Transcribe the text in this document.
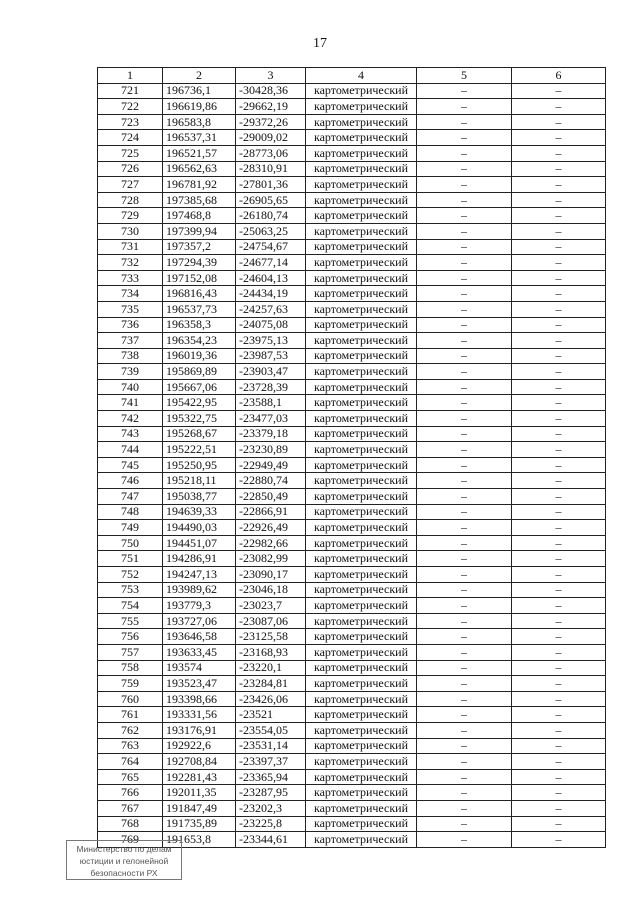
17
1	2	3	4	5	6
721	196736,1	-30428,36	картометрический	–	–
722	196619,86	-29662,19	картометрический	–	–
723	196583,8	-29372,26	картометрический	–	–
724	196537,31	-29009,02	картометрический	–	–
725	196521,57	-28773,06	картометрический	–	–
726	196562,63	-28310,91	картометрический	–	–
727	196781,92	-27801,36	картометрический	–	–
728	197385,68	-26905,65	картометрический	–	–
729	197468,8	-26180,74	картометрический	–	–
730	197399,94	-25063,25	картометрический	–	–
731	197357,2	-24754,67	картометрический	–	–
732	197294,39	-24677,14	картометрический	–	–
733	197152,08	-24604,13	картометрический	–	–
734	196816,43	-24434,19	картометрический	–	–
735	196537,73	-24257,63	картометрический	–	–
736	196358,3	-24075,08	картометрический	–	–
737	196354,23	-23975,13	картометрический	–	–
738	196019,36	-23987,53	картометрический	–	–
739	195869,89	-23903,47	картометрический	–	–
740	195667,06	-23728,39	картометрический	–	–
741	195422,95	-23588,1	картометрический	–	–
742	195322,75	-23477,03	картометрический	–	–
743	195268,67	-23379,18	картометрический	–	–
744	195222,51	-23230,89	картометрический	–	–
745	195250,95	-22949,49	картометрический	–	–
746	195218,11	-22880,74	картометрический	–	–
747	195038,77	-22850,49	картометрический	–	–
748	194639,33	-22866,91	картометрический	–	–
749	194490,03	-22926,49	картометрический	–	–
750	194451,07	-22982,66	картометрический	–	–
751	194286,91	-23082,99	картометрический	–	–
752	194247,13	-23090,17	картометрический	–	–
753	193989,62	-23046,18	картометрический	–	–
754	193779,3	-23023,7	картометрический	–	–
755	193727,06	-23087,06	картометрический	–	–
756	193646,58	-23125,58	картометрический	–	–
757	193633,45	-23168,93	картометрический	–	–
758	193574	-23220,1	картометрический	–	–
759	193523,47	-23284,81	картометрический	–	–
760	193398,66	-23426,06	картометрический	–	–
761	193331,56	-23521	картометрический	–	–
762	193176,91	-23554,05	картометрический	–	–
763	192922,6	-23531,14	картометрический	–	–
764	192708,84	-23397,37	картометрический	–	–
765	192281,43	-23365,94	картометрический	–	–
766	192011,35	-23287,95	картометрический	–	–
767	191847,49	-23202,3	картометрический	–	–
768	191735,89	-23225,8	картометрический	–	–
769	191653,8	-23344,61	картометрический	–	–
Министерство по делам
юстиции и гелонейной
безопасности РХ
